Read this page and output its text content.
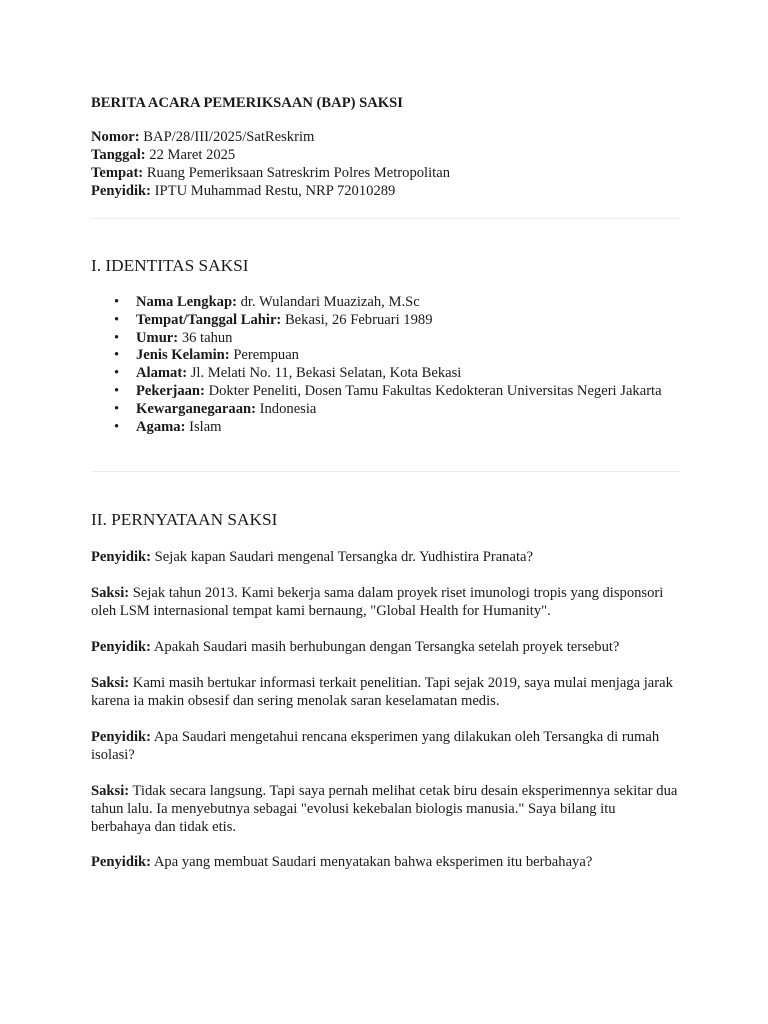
BERITA ACARA PEMERIKSAAN (BAP) SAKSI

Nomor: BAP/28/III/2025/SatReskrim
Tanggal: 22 Maret 2025
Tempat: Ruang Pemeriksaan Satreskrim Polres Metropolitan
Penyidik: IPTU Muhammad Restu, NRP 72010289
I. IDENTITAS SAKSI
• Nama Lengkap: dr. Wulandari Muazizah, M.Sc
• Tempat/Tanggal Lahir: Bekasi, 26 Februari 1989
• Umur: 36 tahun
• Jenis Kelamin: Perempuan
• Alamat: Jl. Melati No. 11, Bekasi Selatan, Kota Bekasi
• Pekerjaan: Dokter Peneliti, Dosen Tamu Fakultas Kedokteran Universitas Negeri Jakarta
• Kewarganegaraan: Indonesia
• Agama: Islam
II. PERNYATAAN SAKSI

Penyidik: Sejak kapan Saudari mengenal Tersangka dr. Yudhistira Pranata?

Saksi: Sejak tahun 2013. Kami bekerja sama dalam proyek riset imunologi tropis yang disponsori oleh LSM internasional tempat kami bernaung, "Global Health for Humanity".

Penyidik: Apakah Saudari masih berhubungan dengan Tersangka setelah proyek tersebut?

Saksi: Kami masih bertukar informasi terkait penelitian. Tapi sejak 2019, saya mulai menjaga jarak karena ia makin obsesif dan sering menolak saran keselamatan medis.

Penyidik: Apa Saudari mengetahui rencana eksperimen yang dilakukan oleh Tersangka di rumah isolasi?

Saksi: Tidak secara langsung. Tapi saya pernah melihat cetak biru desain eksperimennya sekitar dua tahun lalu. Ia menyebutnya sebagai "evolusi kekebalan biologis manusia." Saya bilang itu berbahaya dan tidak etis.

Penyidik: Apa yang membuat Saudari menyatakan bahwa eksperimen itu berbahaya?
